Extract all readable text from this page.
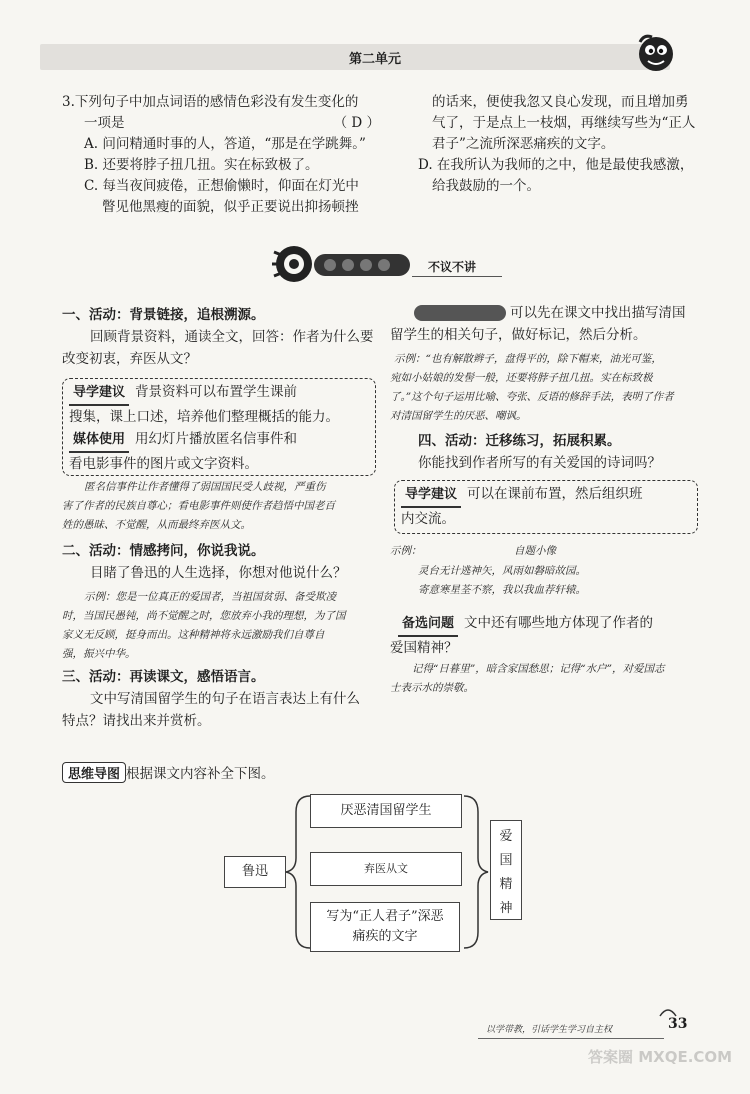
第二单元

3.下列句子中加点词语的感情色彩没有发生变化的

一项是	（ D ）

A. 问问精通时事的人，答道，“那是在学跳舞。”

B. 还要将脖子扭几扭。实在标致极了。

C. 每当夜间疲倦，正想偷懒时，仰面在灯光中

瞥见他黑瘦的面貌，似乎正要说出抑扬顿挫

的话来，便使我忽又良心发现，而且增加勇

气了，于是点上一枝烟，再继续写些为“正人

君子”之流所深恶痛疾的文字。

D. 在我所认为我师的之中，他是最使我感激，

给我鼓励的一个。

不议不讲

一、活动：背景链接，追根溯源。

回顾背景资料，通读全文，回答：作者为什么要

改变初衷，弃医从文？

导学建议 背景资料可以布置学生课前
搜集，课上口述，培养他们整理概括的能力。
媒体使用 用幻灯片播放匿名信事件和
看电影事件的图片或文字资料。
匿名信事件让作者懂得了弱国国民受人歧视，严重伤
害了作者的民族自尊心；看电影事件则使作者趋悟中国老百
姓的愚昧、不觉醒，从而最终弃医从文。

二、活动：情感拷问，你说我说。

目睹了鲁迅的人生选择，你想对他说什么？

示例：您是一位真正的爱国者，当祖国贫弱、备受欺凌
时，当国民愚钝，尚不觉醒之时，您放弃小我的理想，为了国
家义无反顾，挺身而出。这种精神将永远激励我们自尊自
强，振兴中华。

三、活动：再读课文，感悟语言。

文中写清国留学生的句子在语言表达上有什么

特点？请找出来并赏析。

可以先在课文中找出描写清国

留学生的相关句子，做好标记，然后分析。

示例：“也有解散辫子，盘得平的，除下帽来，油光可鉴，
宛如小姑娘的发髻一般，还要将脖子扭几扭。实在标致极
了。”这个句子运用比喻、夸张、反语的修辞手法，表明了作者
对清国留学生的厌恶、嘲讽。

四、活动：迁移练习，拓展积累。

你能找到作者所写的有关爱国的诗词吗？

导学建议 可以在课前布置，然后组织班
内交流。
示例：	自题小像
灵台无计逃神矢，风雨如磐暗故园。
寄意寒星荃不察，我以我血荐轩辕。

备选问题 文中还有哪些地方体现了作者的

爱国精神？

记得“日暮里”，暗含家国愁思；记得“水户”，对爱国志
士表示水的崇敬。
思维导图 根据课文内容补全下图。
鲁迅
厌恶清国留学生
弃医从文
写为“正人君子”深恶
痛疾的文字
爱
国
精
神
以学带教，引话学生学习自主权	33
答案圈 MXQE.COM
